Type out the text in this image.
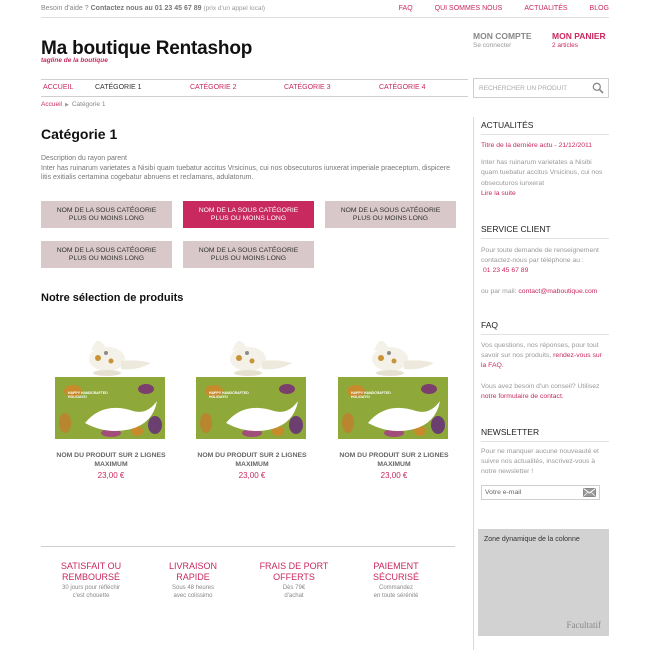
Besoin d'aide ? Contactez nous au 01 23 45 67 89 (prix d'un appel local)	FAQ	QUI SOMMES NOUS	ACTUALITÉS	BLOG
Ma boutique Rentashop
tagline de la boutique
MON COMPTE
Se connecter
MON PANIER
2 articles
ACCUEIL	CATÉGORIE 1	CATÉGORIE 2	CATÉGORIE 3	CATÉGORIE 4
RECHERCHER UN PRODUIT
Accueil ▶ Catégorie 1
Catégorie 1
Description du rayon parent
Inter has ruinarum varietates a Nisibi quam tuebatur accitus Vrsicinus, cui nos obsecuturos iunxerat imperiale praeceptum, dispicere litis exitialis certamina cogebatur abnuens et reclamans, adulatorum.
NOM DE LA SOUS CATÉGORIE PLUS OU MOINS LONG
NOM DE LA SOUS CATÉGORIE PLUS OU MOINS LONG
NOM DE LA SOUS CATÉGORIE PLUS OU MOINS LONG
NOM DE LA SOUS CATÉGORIE PLUS OU MOINS LONG
NOM DE LA SOUS CATÉGORIE PLUS OU MOINS LONG
Notre sélection de produits
NOM DU PRODUIT SUR 2 LIGNES MAXIMUM
23,00 €
NOM DU PRODUIT SUR 2 LIGNES MAXIMUM
23,00 €
NOM DU PRODUIT SUR 2 LIGNES MAXIMUM
23,00 €
HAPPY HANDCRAFTED HOLIDAYS!
HAPPY HANDCRAFTED HOLIDAYS!
HAPPY HANDCRAFTED HOLIDAYS!
SATISFAIT OU
REMBOURSÉ
30 jours pour réfléchir
c'est chouette
LIVRAISON
RAPIDE
Sous 48 heures
avec colissimo
FRAIS DE PORT
OFFERTS
Dès 79€
d'achat
PAIEMENT
SÉCURISÉ
Commandez
en toute sérénité
ACTUALITÉS
Titre de la dernière actu - 21/12/2011
Inter has ruinarum varietates a Nisibi quam tuebatur accitus Vrsicinus, cui nos obsecuturos iunxerat
Lire la suite
SERVICE CLIENT
Pour toute demande de renseignement contactez-nous par téléphone au :
01 23 45 67 89
ou par mail: contact@maboutique.com
FAQ
Vos questions, nos réponses, pour tout savoir sur nos produits, rendez-vous sur la FAQ.
Vous avez besoin d'un conseil? Utilisez notre formulaire de contact.
NEWSLETTER
Pour ne manquer aucune nouveauté et suivre nos actualités, inscrivez-vous à notre newsletter !
Votre e-mail
Zone dynamique de la colonne
Facultatif
